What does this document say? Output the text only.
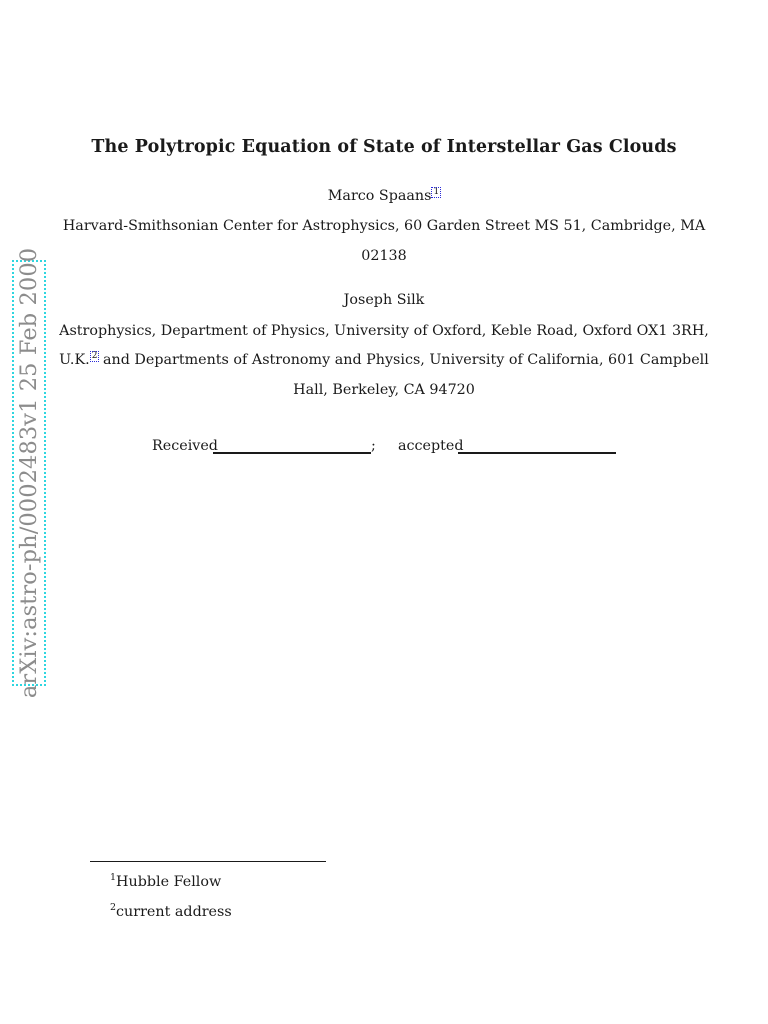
arXiv:astro-ph/0002483v1 25 Feb 2000
The Polytropic Equation of State of Interstellar Gas Clouds
Marco Spaans 1
Harvard-Smithsonian Center for Astrophysics, 60 Garden Street MS 51, Cambridge, MA
02138
Joseph Silk
Astrophysics, Department of Physics, University of Oxford, Keble Road, Oxford OX1 3RH,
U.K. 2 and Departments of Astronomy and Physics, University of California, 601 Campbell
Hall, Berkeley, CA 94720
Received	; accepted
$^1$Hubble Fellow
$^2$current address
